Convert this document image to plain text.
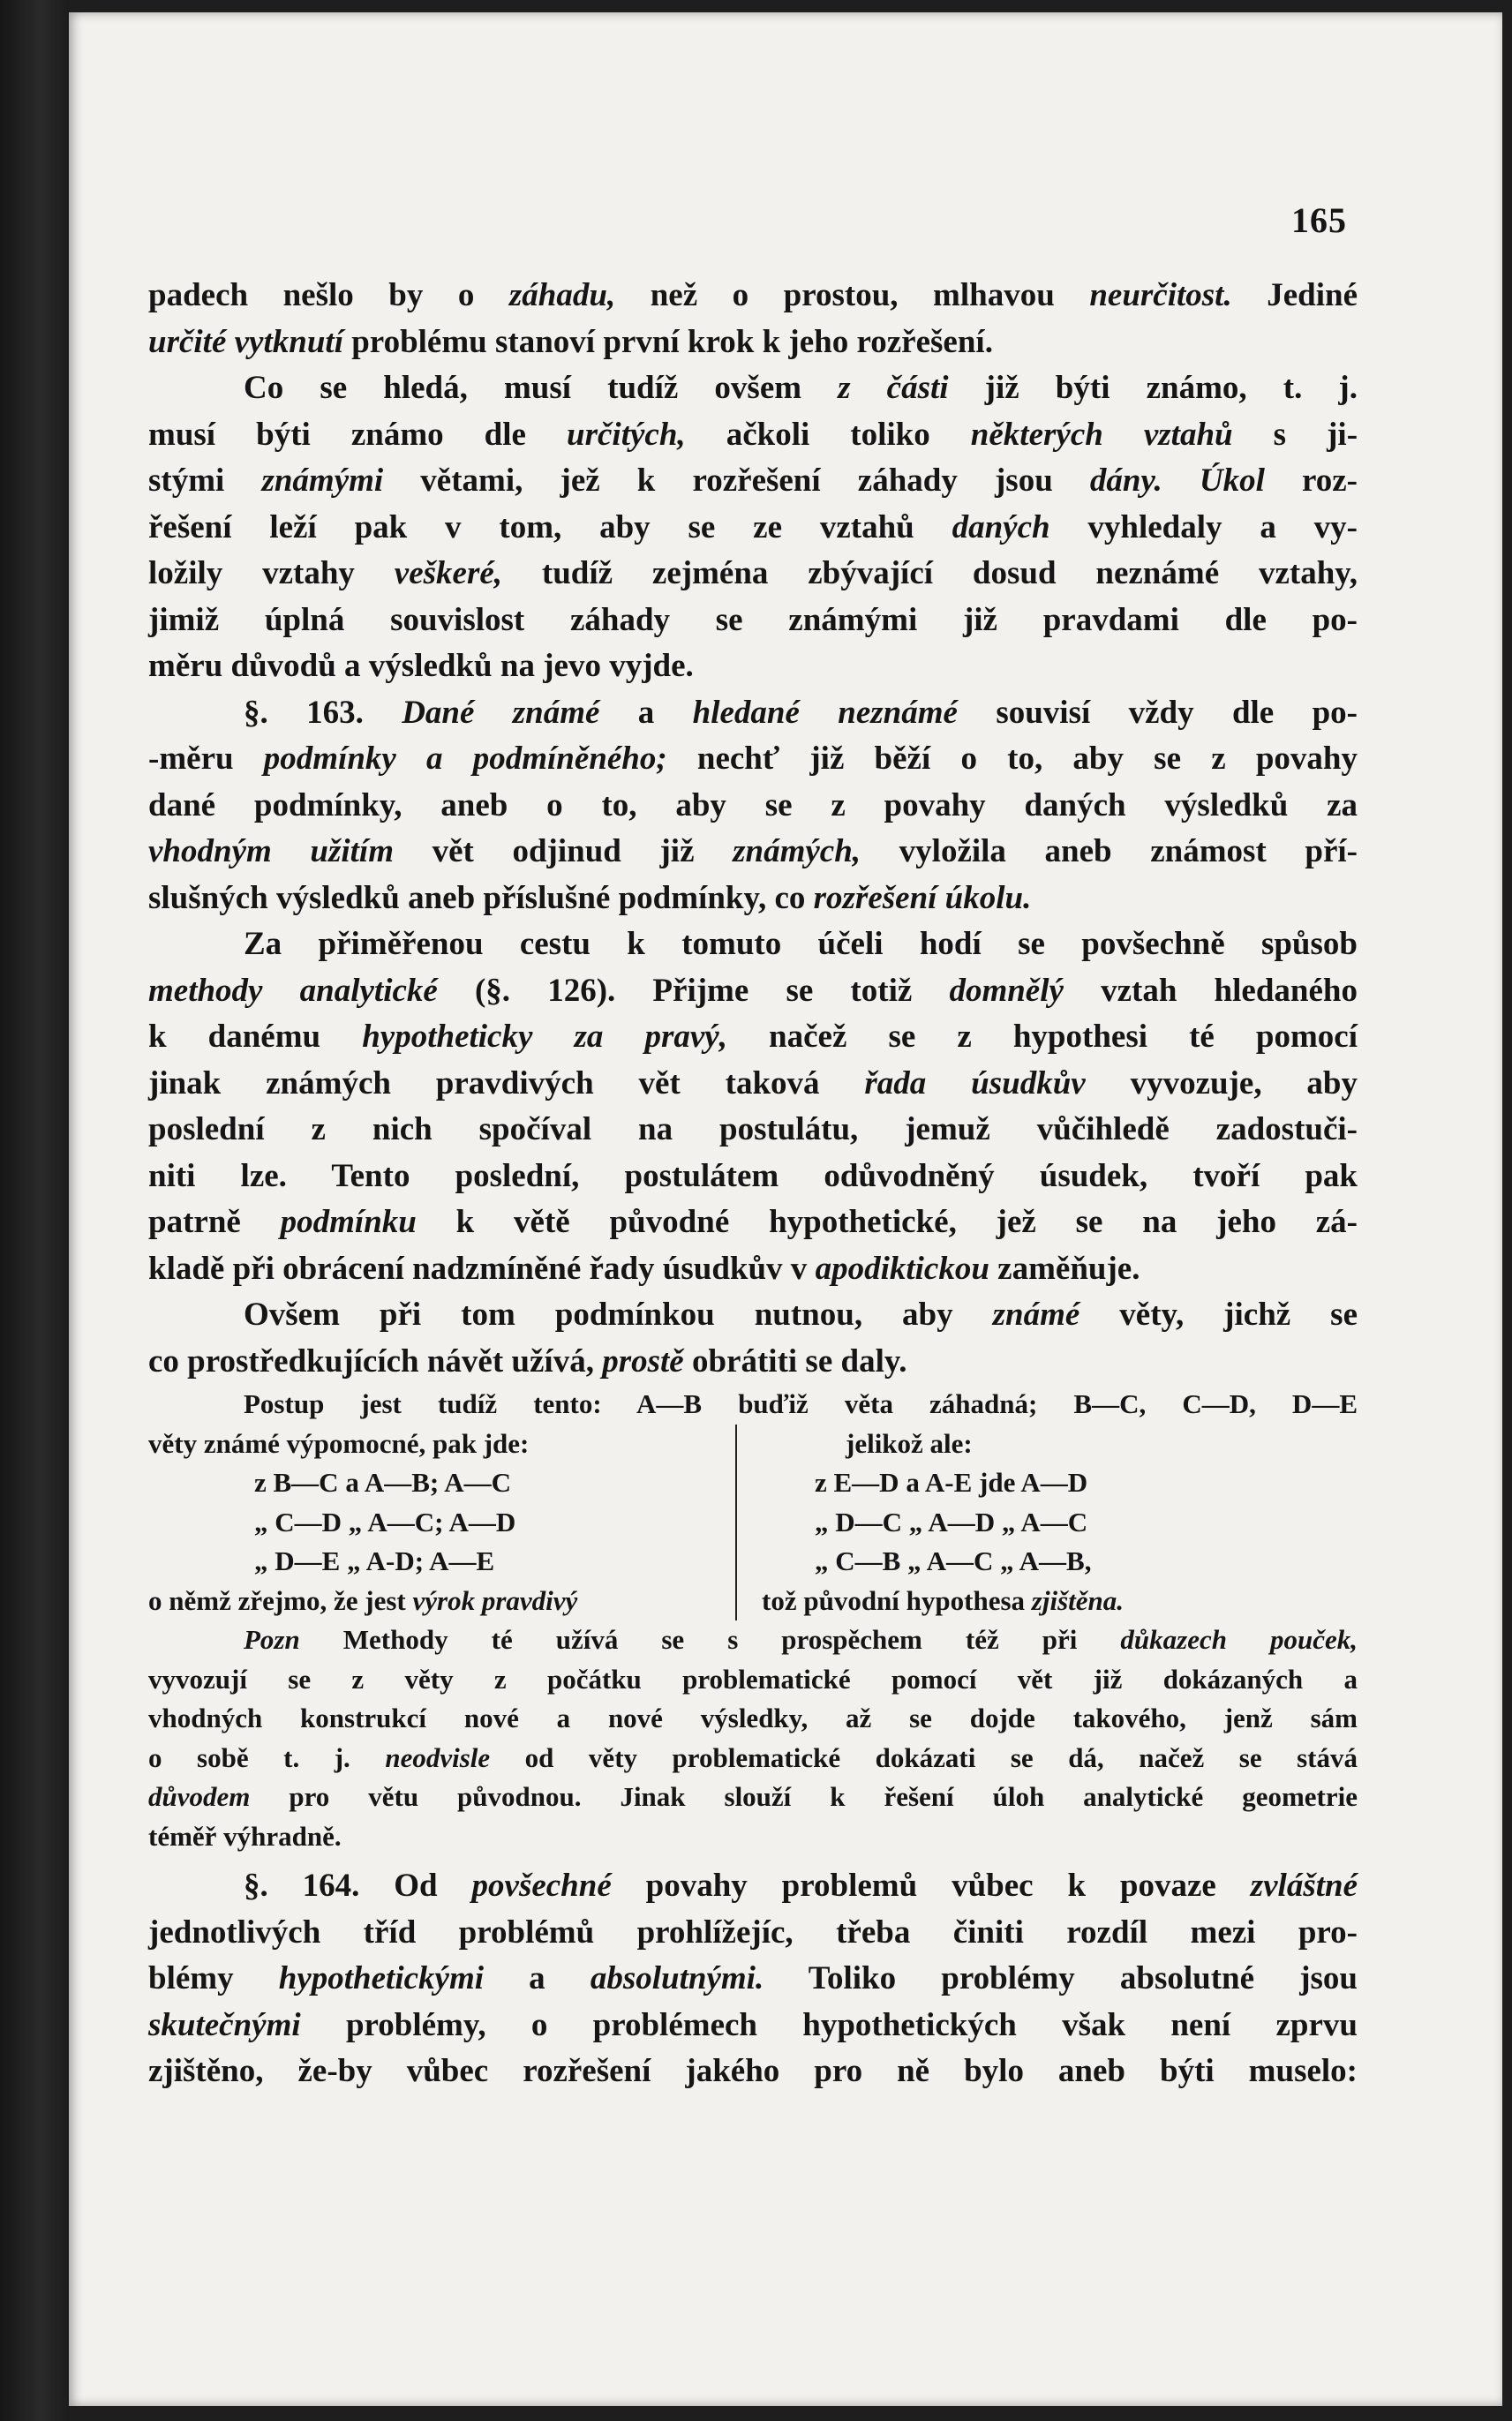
165
padech nešlo by o záhadu, než o prostou, mlhavou neurčitost. Jediné
určité vytknutí problému stanoví první krok k jeho rozřešení.
Co se hledá, musí tudíž ovšem z části již býti známo, t. j.
musí býti známo dle určitých, ačkoli toliko některých vztahů s ji-
stými známými větami, jež k rozřešení záhady jsou dány. Úkol roz-
řešení leží pak v tom, aby se ze vztahů daných vyhledaly a vy-
ložily vztahy veškeré, tudíž zejména zbývající dosud neznámé vztahy,
jimiž úplná souvislost záhady se známými již pravdami dle po-
měru důvodů a výsledků na jevo vyjde.
§. 163. Dané známé a hledané neznámé souvisí vždy dle po-
-měru podmínky a podmíněného; nechť již běží o to, aby se z povahy
dané podmínky, aneb o to, aby se z povahy daných výsledků za
vhodným užitím vět odjinud již známých, vyložila aneb známost pří-
slušných výsledků aneb příslušné podmínky, co rozřešení úkolu.
Za přiměřenou cestu k tomuto účeli hodí se povšechně spůsob
methody analytické (§. 126). Přijme se totiž domnělý vztah hledaného
k danému hypotheticky za pravý, načež se z hypothesi té pomocí
jinak známých pravdivých vět taková řada úsudkův vyvozuje, aby
poslední z nich spočíval na postulátu, jemuž vůčihledě zadostuči-
niti lze. Tento poslední, postulátem odůvodněný úsudek, tvoří pak
patrně podmínku k větě původné hypothetické, jež se na jeho zá-
kladě při obrácení nadzmíněné řady úsudkův v apodiktickou zaměňuje.
Ovšem při tom podmínkou nutnou, aby známé věty, jichž se
co prostředkujících návět užívá, prostě obrátiti se daly.
Postup jest tudíž tento: A—B buďiž věta záhadná; B—C, C—D, D—E
věty známé výpomocné, pak jde:
z B—C a A—B; A—C
„ C—D „ A—C; A—D
„ D—E „ A-D; A—E
o němž zřejmo, že jest výrok pravdivý
jelikož ale:
z E—D a A-E jde A—D
„ D—C „ A—D „ A—C
„ C—B „ A—C „ A—B,
tož původní hypothesa zjištěna.
Pozn Methody té užívá se s prospěchem též při důkazech pouček,
vyvozují se z věty z počátku problematické pomocí vět již dokázaných a
vhodných konstrukcí nové a nové výsledky, až se dojde takového, jenž sám
o sobě t. j. neodvisle od věty problematické dokázati se dá, načež se stává
důvodem pro větu původnou. Jinak slouží k řešení úloh analytické geometrie
téměř výhradně.
§. 164. Od povšechné povahy problemů vůbec k povaze zvláštné
jednotlivých tříd problémů prohlížejíc, třeba činiti rozdíl mezi pro-
blémy hypothetickými a absolutnými. Toliko problémy absolutné jsou
skutečnými problémy, o problémech hypothetických však není zprvu
zjištěno, že-by vůbec rozřešení jakého pro ně bylo aneb býti muselo:
